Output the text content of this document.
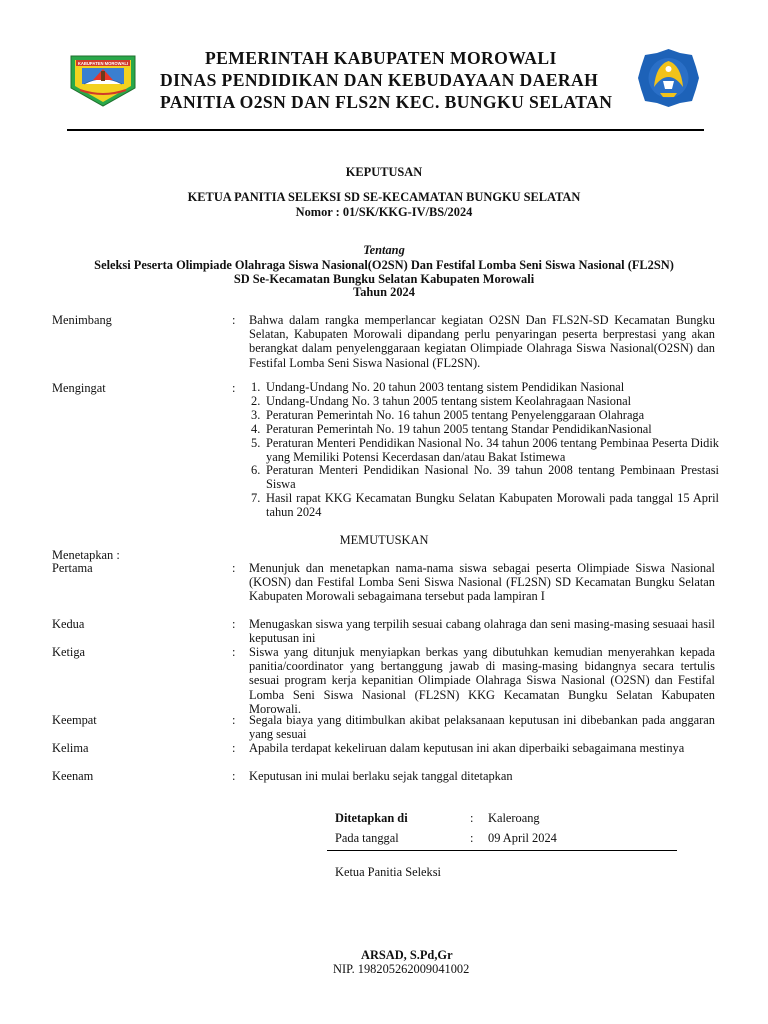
KABUPATEN MOROWALI	PEMERINTAH KABUPATEN MOROWALI
DINAS PENDIDIKAN DAN KEBUDAYAAN DAERAH
PANITIA O2SN DAN FLS2N KEC. BUNGKU SELATAN
KEPUTUSAN
KETUA PANITIA SELEKSI SD SE-KECAMATAN BUNGKU SELATAN
Nomor : 01/SK/KKG-IV/BS/2024
Tentang
Seleksi Peserta Olimpiade Olahraga Siswa Nasional(O2SN) Dan Festifal Lomba Seni Siswa Nasional (FL2SN)
SD Se-Kecamatan Bungku Selatan Kabupaten Morowali
Tahun 2024
Menimbang	: Bahwa dalam rangka memperlancar kegiatan O2SN Dan FLS2N-SD Kecamatan Bungku Selatan, Kabupaten Morowali dipandang perlu penyaringan peserta berprestasi yang akan berangkat dalam penyelenggaraan kegiatan Olimpiade Olahraga Siswa Nasional(O2SN) dan Festifal Lomba Seni Siswa Nasional (FL2SN).
Mengingat	: 1. Undang-Undang No. 20 tahun 2003 tentang sistem Pendidikan Nasional
2. Undang-Undang No. 3 tahun 2005 tentang sistem Keolahragaan Nasional
3. Peraturan Pemerintah No. 16 tahun 2005 tentang Penyelenggaraan Olahraga
4. Peraturan Pemerintah No. 19 tahun 2005 tentang Standar PendidikanNasional
5. Peraturan Menteri Pendidikan Nasional No. 34 tahun 2006 tentang Pembinaa Peserta Didik yang Memiliki Potensi Kecerdasan dan/atau Bakat Istimewa
6. Peraturan Menteri Pendidikan Nasional No. 39 tahun 2008 tentang Pembinaan Prestasi Siswa
7. Hasil rapat KKG Kecamatan Bungku Selatan Kabupaten Morowali pada tanggal 15 April tahun 2024
MEMUTUSKAN
Menetapkan :
Pertama	: Menunjuk dan menetapkan nama-nama siswa sebagai peserta Olimpiade Siswa Nasional (KOSN) dan Festifal Lomba Seni Siswa Nasional (FL2SN) SD Kecamatan Bungku Selatan Kabupaten Morowali sebagaimana tersebut pada lampiran I
Kedua	: Menugaskan siswa yang terpilih sesuai cabang olahraga dan seni masing-masing sesuaai hasil keputusan ini
Ketiga	: Siswa yang ditunjuk menyiapkan berkas yang dibutuhkan kemudian menyerahkan kepada panitia/coordinator yang bertanggung jawab di masing-masing bidangnya secara tertulis sesuai program kerja kepanitian Olimpiade Olahraga Siswa Nasional (O2SN) dan Festifal Lomba Seni Siswa Nasional (FL2SN) KKG Kecamatan Bungku Selatan Kabupaten Morowali.
Keempat	: Segala biaya yang ditimbulkan akibat pelaksanaan keputusan ini dibebankan pada anggaran yang sesuai
Kelima	: Apabila terdapat kekeliruan dalam keputusan ini akan diperbaiki sebagaimana mestinya
Keenam	: Keputusan ini mulai berlaku sejak tanggal ditetapkan
Ditetapkan di	: Kaleroang
Pada tanggal	: 09 April 2024
Ketua Panitia Seleksi
ARSAD, S.Pd,Gr
NIP. 198205262009041002
